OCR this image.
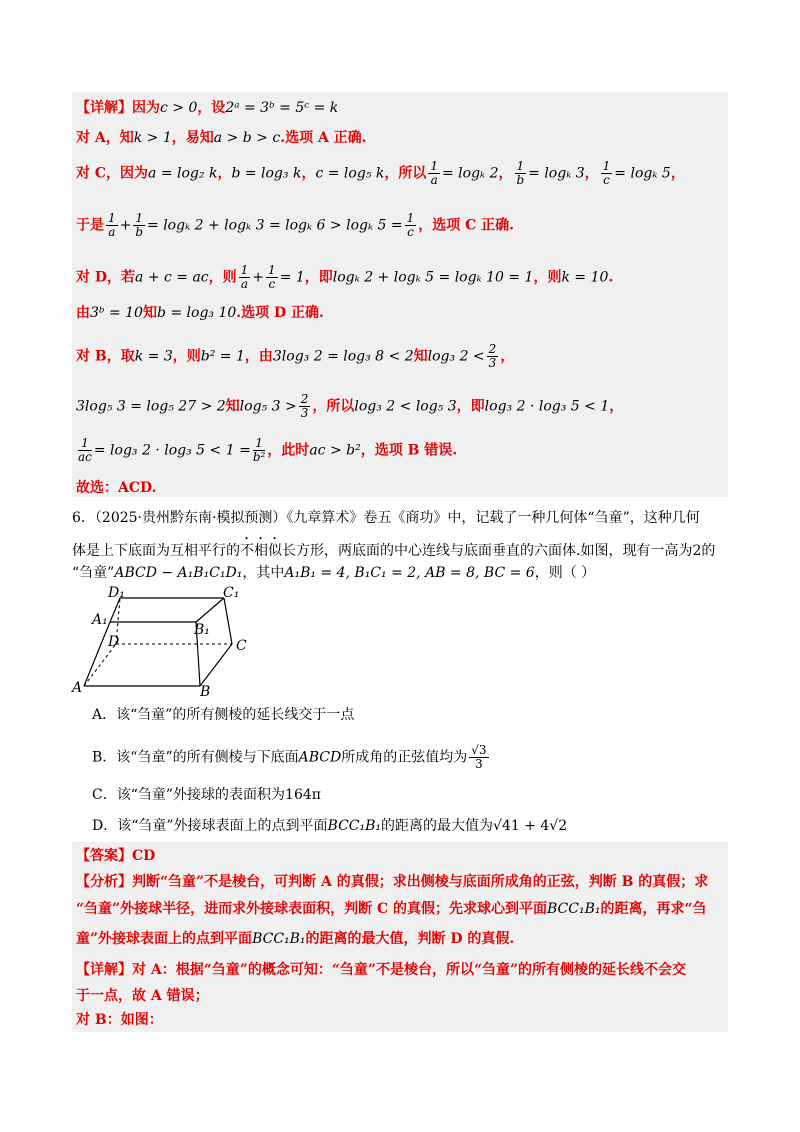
【详解】因为c > 0，设2ᵃ = 3ᵇ = 5ᶜ = k
对 A，知k > 1，易知a > b > c.选项 A 正确.
对 C，因为a = log₂ k，b = log₃ k，c = log₅ k，所以 $\frac{1}{a} = \log_k$ 2， $\frac{1}{b} = \log_k$ 3， $\frac{1}{c} = \log_k$ 5，
于是 $\frac{1}{a} + \frac{1}{b} = \log_k$ 2 + logₖ 3 = logₖ 6 > logₖ $5 = \frac{1}{c}$ ，选项 C 正确.
对 D，若a + c = ac，则 $\frac{1}{a} + \frac{1}{c} = 1$，即logₖ 2 + logₖ 5 = logₖ 10 = 1，则k = 10.
由3ᵇ = 10知b = log₃ 10.选项 D 正确.
对 B，取k = 3，则b² = 1，由3log₃ 2 = log₃ 8 < 2知log₃ $2 < \frac{2}{3}$ ，
3log₅ 3 = log₅ 27 > 2知log₅ $3 > \frac{2}{3}$ ，所以log₃ 2 < log₅ 3，即log₃ 2 · log₃ 5 < 1，
$\frac{1}{ac} = \log_3$ 2 · log₃ $5 < 1 = \frac{1}{\text{b²}}$ ，此时ac > b²，选项 B 错误.
故选：ACD.
6．（2025·贵州黔东南·模拟预测）《九章算术》卷五《商功》中，记载了一种几何体“刍童”，这种几何
体是上下底面为互相平行的不相似长方形，两底面的中心连线与底面垂直的六面体.如图，现有一高为2的
“刍童”ABCD − A₁B₁C₁D₁，其中A₁B₁ = 4, B₁C₁ = 2, AB = 8, BC = 6，则（ ）
D₁	C₁
A₁
B₁
D	C
A	B
A．该“刍童”的所有侧棱的延长线交于一点
B．该“刍童”的所有侧棱与下底面ABCD所成角的正弦值均为 $\frac{√3}{3}$
C．该“刍童”外接球的表面积为164π
D．该“刍童”外接球表面上的点到平面BCC₁B₁的距离的最大值为√41 + 4√2
【答案】CD
【分析】判断“刍童”不是棱台，可判断 A 的真假；求出侧棱与底面所成角的正弦，判断 B 的真假；求
“刍童”外接球半径，进而求外接球表面积，判断 C 的真假；先求球心到平面BCC₁B₁的距离，再求“刍
童”外接球表面上的点到平面BCC₁B₁的距离的最大值，判断 D 的真假.
【详解】对 A：根据“刍童”的概念可知：“刍童”不是棱台，所以“刍童”的所有侧棱的延长线不会交
于一点，故 A 错误；
对 B：如图：
